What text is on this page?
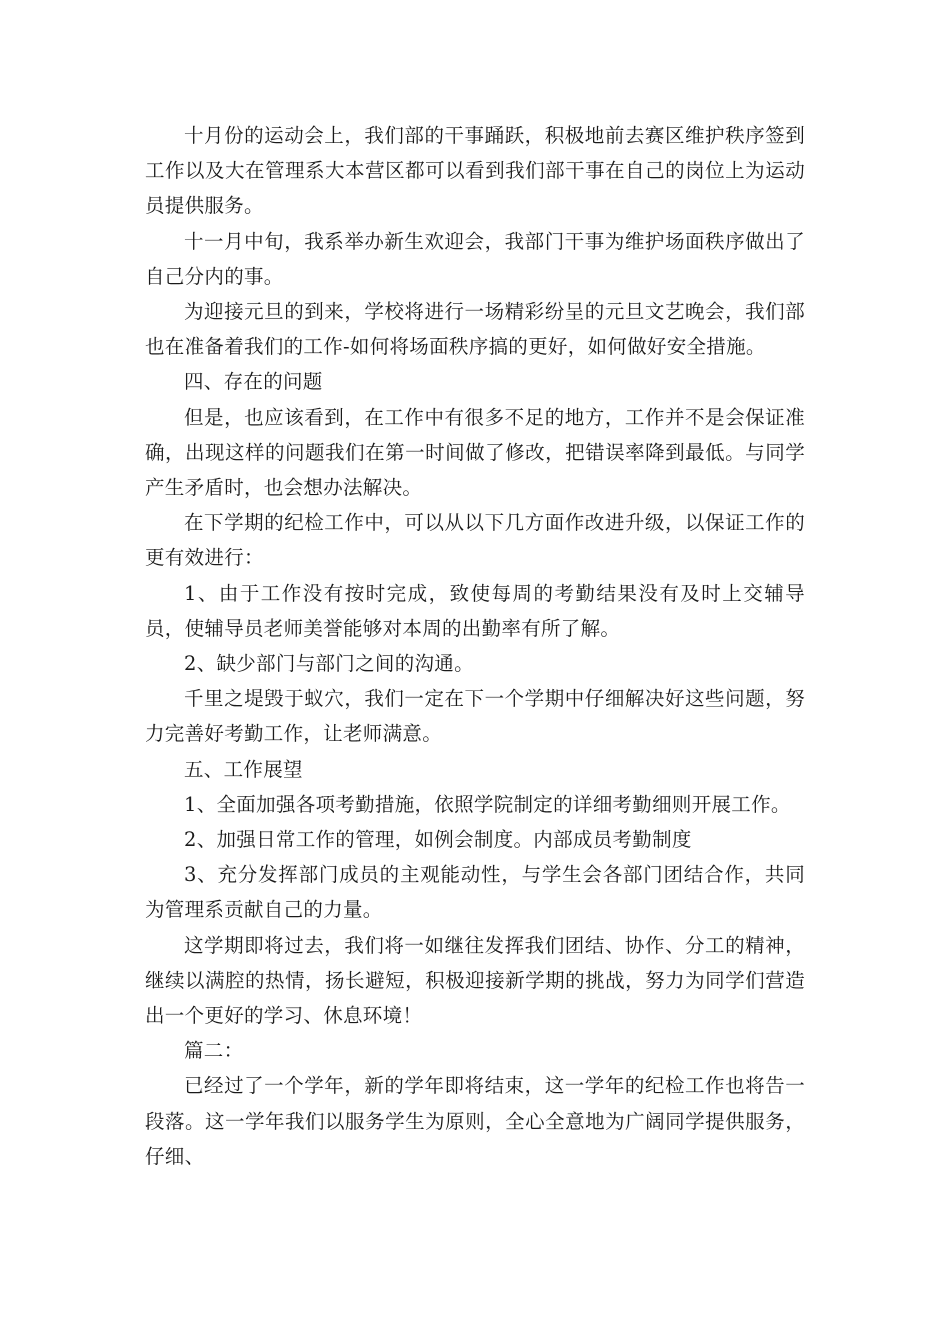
十月份的运动会上，我们部的干事踊跃，积极地前去赛区维护秩序签到工作以及大在管理系大本营区都可以看到我们部干事在自己的岗位上为运动员提供服务。

十一月中旬，我系举办新生欢迎会，我部门干事为维护场面秩序做出了自己分内的事。

为迎接元旦的到来，学校将进行一场精彩纷呈的元旦文艺晚会，我们部也在准备着我们的工作-如何将场面秩序搞的更好，如何做好安全措施。

四、存在的问题

但是，也应该看到，在工作中有很多不足的地方，工作并不是会保证准确，出现这样的问题我们在第一时间做了修改，把错误率降到最低。与同学产生矛盾时，也会想办法解决。

在下学期的纪检工作中，可以从以下几方面作改进升级，以保证工作的更有效进行：

1、由于工作没有按时完成，致使每周的考勤结果没有及时上交辅导员，使辅导员老师美誉能够对本周的出勤率有所了解。

2、缺少部门与部门之间的沟通。

千里之堤毁于蚁穴，我们一定在下一个学期中仔细解决好这些问题，努力完善好考勤工作，让老师满意。

五、工作展望

1、全面加强各项考勤措施，依照学院制定的详细考勤细则开展工作。

2、加强日常工作的管理，如例会制度。内部成员考勤制度

3、充分发挥部门成员的主观能动性，与学生会各部门团结合作，共同为管理系贡献自己的力量。

这学期即将过去，我们将一如继往发挥我们团结、协作、分工的精神，继续以满腔的热情，扬长避短，积极迎接新学期的挑战，努力为同学们营造出一个更好的学习、休息环境！

篇二：

已经过了一个学年，新的学年即将结束，这一学年的纪检工作也将告一段落。这一学年我们以服务学生为原则，全心全意地为广阔同学提供服务，仔细、
